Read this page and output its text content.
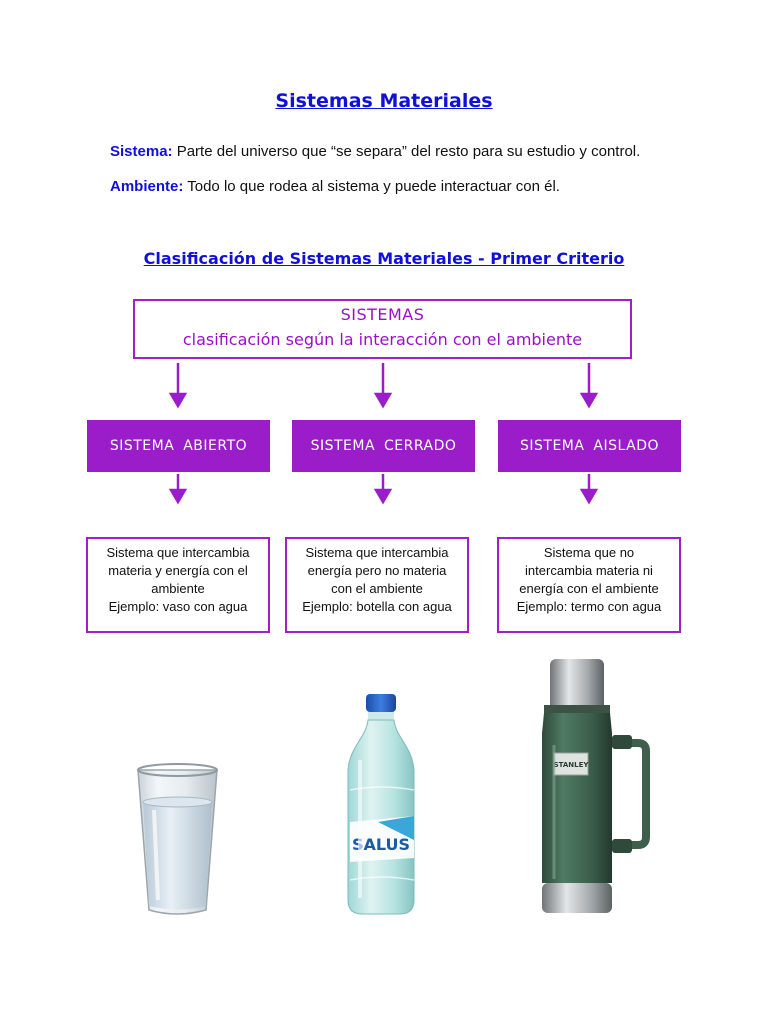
Sistemas Materiales
Sistema: Parte del universo que “se separa” del resto para su estudio y control.
Ambiente: Todo lo que rodea al sistema y puede interactuar con él.
Clasificación de Sistemas Materiales - Primer Criterio
SISTEMAS
clasificación según la interacción con el ambiente
SISTEMA ABIERTO	SISTEMA CERRADO	SISTEMA AISLADO
Sistema que intercambia
materia y energía con el
ambiente
Ejemplo: vaso con agua
Sistema que intercambia
energía pero no materia
con el ambiente
Ejemplo: botella con agua
Sistema que no
intercambia materia ni
energía con el ambiente
Ejemplo: termo con agua
SALUS
STANLEY
